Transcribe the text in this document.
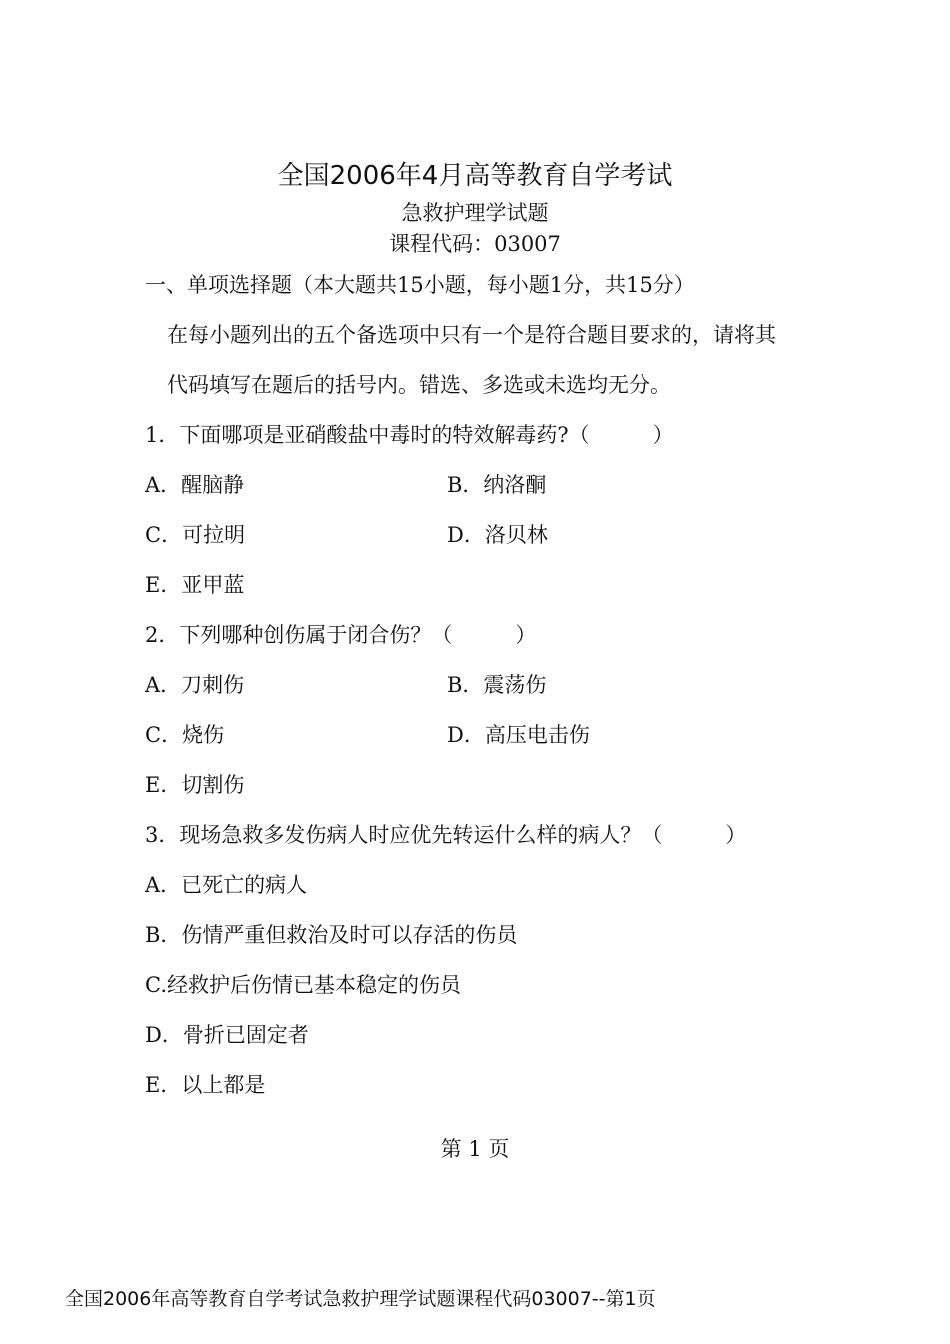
全国2006年4月高等教育自学考试
急救护理学试题
课程代码：03007
一、单项选择题（本大题共15小题，每小题1分，共15分）
在每小题列出的五个备选项中只有一个是符合题目要求的，请将其
代码填写在题后的括号内。错选、多选或未选均无分。
1．下面哪项是亚硝酸盐中毒时的特效解毒药?（　　　）
A．醒脑静	B．纳洛酮
C．可拉明	D．洛贝林
E．亚甲蓝
2．下列哪种创伤属于闭合伤？（　　　）
A．刀刺伤	B．震荡伤
C．烧伤	D．高压电击伤
E．切割伤
3．现场急救多发伤病人时应优先转运什么样的病人？（　　　）
A．已死亡的病人
B．伤情严重但救治及时可以存活的伤员
C.经救护后伤情已基本稳定的伤员
D．骨折已固定者
E．以上都是
第 1 页
全国2006年高等教育自学考试急救护理学试题课程代码03007--第1页
